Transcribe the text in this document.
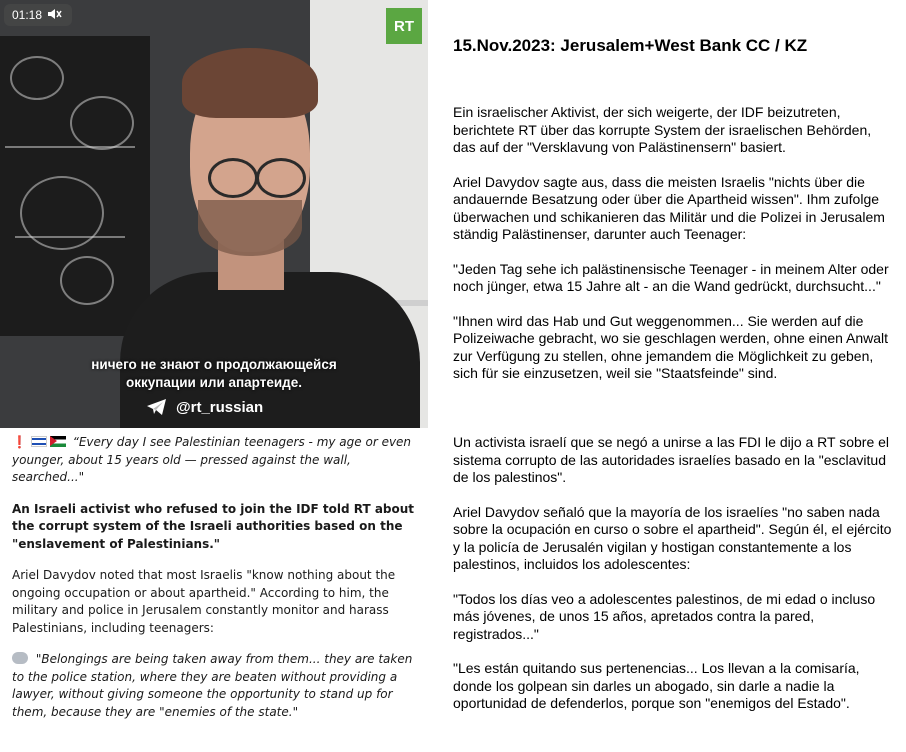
01:18
RT
ничего не знают о продолжающейся
оккупации или апартеиде.
@rt_russian

❗	“Every day I see Palestinian teenagers - my age or even younger, about 15 years old — pressed against the wall, searched..."

An Israeli activist who refused to join the IDF told RT about the corrupt system of the Israeli authorities based on the "enslavement of Palestinians."

Ariel Davydov noted that most Israelis "know nothing about the ongoing occupation or about apartheid." According to him, the military and police in Jerusalem constantly monitor and harass Palestinians, including teenagers:

"Belongings are being taken away from them... they are taken to the police station, where they are beaten without providing a lawyer, without giving someone the opportunity to stand up for them, because they are "enemies of the state."

15.Nov.2023: Jerusalem+West Bank CC / KZ

Ein israelischer Aktivist, der sich weigerte, der IDF beizutreten, berichtete RT über das korrupte System der israelischen Behörden, das auf der "Versklavung von Palästinensern" basiert.

Ariel Davydov sagte aus, dass die meisten Israelis "nichts über die andauernde Besatzung oder über die Apartheid wissen". Ihm zufolge überwachen und schikanieren das Militär und die Polizei in Jerusalem ständig Palästinenser, darunter auch Teenager:

"Jeden Tag sehe ich palästinensische Teenager - in meinem Alter oder noch jünger, etwa 15 Jahre alt - an die Wand gedrückt, durchsucht..."

"Ihnen wird das Hab und Gut weggenommen... Sie werden auf die Polizeiwache gebracht, wo sie geschlagen werden, ohne einen Anwalt zur Verfügung zu stellen, ohne jemandem die Möglichkeit zu geben, sich für sie einzusetzen, weil sie "Staatsfeinde" sind.

Un activista israelí que se negó a unirse a las FDI le dijo a RT sobre el sistema corrupto de las autoridades israelíes basado en la "esclavitud de los palestinos".

Ariel Davydov señaló que la mayoría de los israelíes "no saben nada sobre la ocupación en curso o sobre el apartheid". Según él, el ejército y la policía de Jerusalén vigilan y hostigan constantemente a los palestinos, incluidos los adolescentes:

"Todos los días veo a adolescentes palestinos, de mi edad o incluso más jóvenes, de unos 15 años, apretados contra la pared, registrados..."

"Les están quitando sus pertenencias... Los llevan a la comisaría, donde los golpean sin darles un abogado, sin darle a nadie la oportunidad de defenderlos, porque son "enemigos del Estado".
